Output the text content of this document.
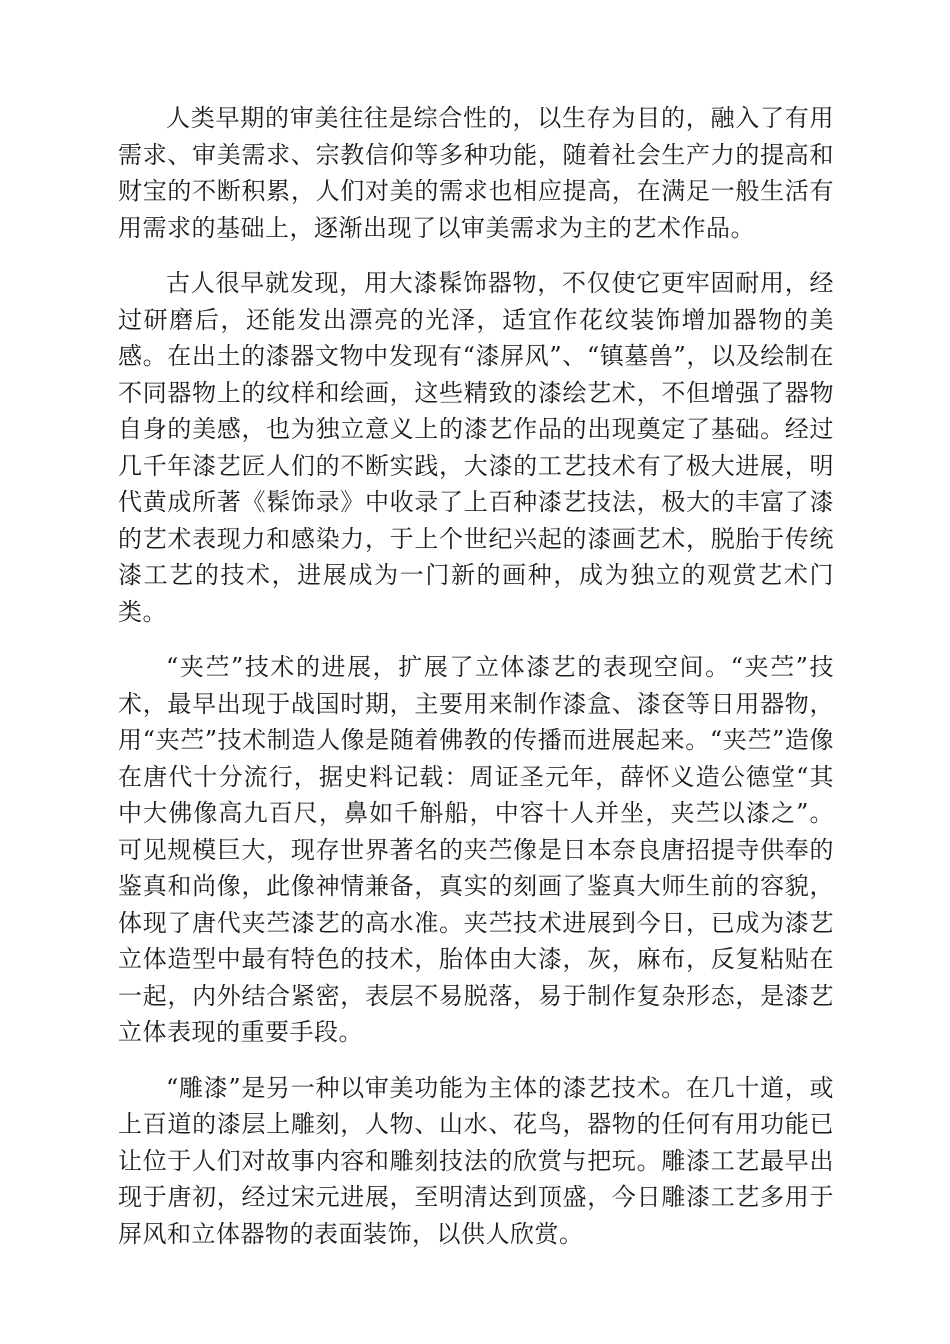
人类早期的审美往往是综合性的，以生存为目的，融入了有用需求、审美需求、宗教信仰等多种功能，随着社会生产力的提高和财宝的不断积累，人们对美的需求也相应提高，在满足一般生活有用需求的基础上，逐渐出现了以审美需求为主的艺术作品。

古人很早就发现，用大漆髹饰器物，不仅使它更牢固耐用，经过研磨后，还能发出漂亮的光泽，适宜作花纹装饰增加器物的美感。在出土的漆器文物中发现有“漆屏风”、“镇墓兽”，以及绘制在不同器物上的纹样和绘画，这些精致的漆绘艺术，不但增强了器物自身的美感，也为独立意义上的漆艺作品的出现奠定了基础。经过几千年漆艺匠人们的不断实践，大漆的工艺技术有了极大进展，明代黄成所著《髹饰录》中收录了上百种漆艺技法，极大的丰富了漆的艺术表现力和感染力，于上个世纪兴起的漆画艺术，脱胎于传统漆工艺的技术，进展成为一门新的画种，成为独立的观赏艺术门类。

“夹苎”技术的进展，扩展了立体漆艺的表现空间。“夹苎”技术，最早出现于战国时期，主要用来制作漆盒、漆奁等日用器物，用“夹苎”技术制造人像是随着佛教的传播而进展起来。“夹苎”造像在唐代十分流行，据史料记载：周证圣元年，薛怀义造公德堂“其中大佛像高九百尺，鼻如千斛船，中容十人并坐，夹苎以漆之”。可见规模巨大，现存世界著名的夹苎像是日本奈良唐招提寺供奉的鉴真和尚像，此像神情兼备，真实的刻画了鉴真大师生前的容貌，体现了唐代夹苎漆艺的高水准。夹苎技术进展到今日，已成为漆艺立体造型中最有特色的技术，胎体由大漆，灰，麻布，反复粘贴在一起，内外结合紧密，表层不易脱落，易于制作复杂形态，是漆艺立体表现的重要手段。

“雕漆”是另一种以审美功能为主体的漆艺技术。在几十道，或上百道的漆层上雕刻，人物、山水、花鸟，器物的任何有用功能已让位于人们对故事内容和雕刻技法的欣赏与把玩。雕漆工艺最早出现于唐初，经过宋元进展，至明清达到顶盛，今日雕漆工艺多用于屏风和立体器物的表面装饰，以供人欣赏。
